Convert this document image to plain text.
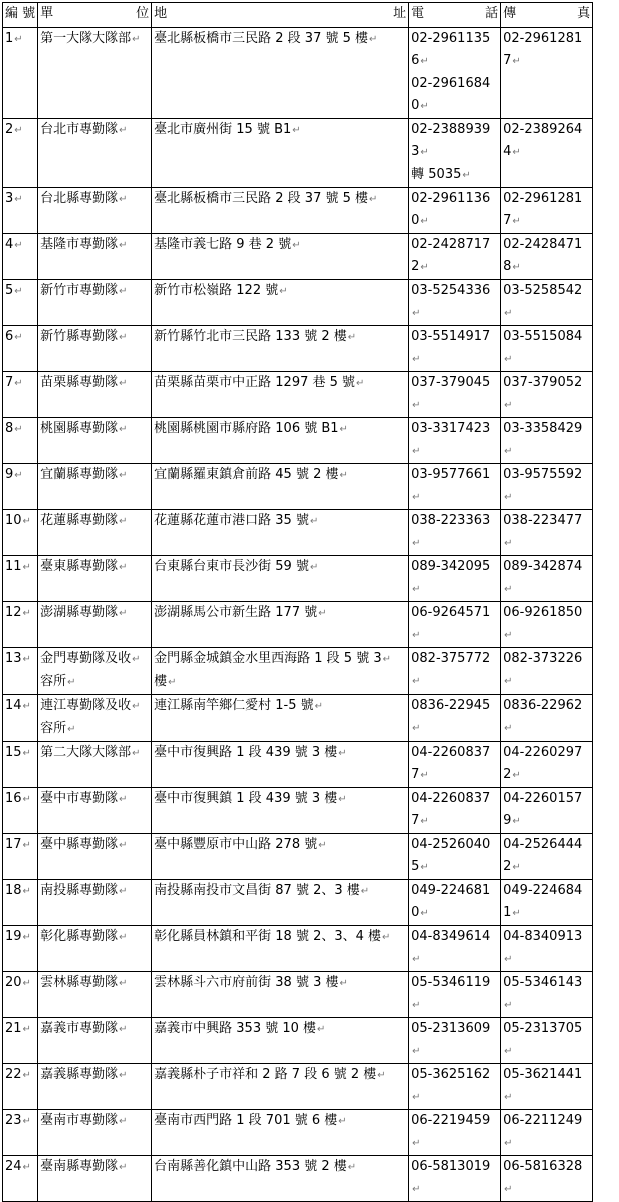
編 號	單 位	地 址	電 話	傳 真

1↵	第一大隊大隊部↵	臺北縣板橋市三民路 2 段 37 號 5 樓↵	02-29611356↵
02-29616840↵	02-29612817↵

2↵	台北市專勤隊↵	臺北市廣州街 15 號 B1↵	02-23889393↵
轉 5035↵	02-23892644↵

3↵	台北縣專勤隊↵	臺北縣板橋市三民路 2 段 37 號 5 樓↵	02-29611360↵	02-29612817↵

4↵	基隆市專勤隊↵	基隆市義七路 9 巷 2 號↵	02-24287172↵	02-24284718↵

5↵	新竹市專勤隊↵	新竹市松嶺路 122 號↵	03-5254336↵	03-5258542↵

6↵	新竹縣專勤隊↵	新竹縣竹北市三民路 133 號 2 樓↵	03-5514917↵	03-5515084↵

7↵	苗栗縣專勤隊↵	苗栗縣苗栗市中正路 1297 巷 5 號↵	037-379045↵	037-379052↵

8↵	桃園縣專勤隊↵	桃園縣桃園市縣府路 106 號 B1↵	03-3317423↵	03-3358429↵

9↵	宜蘭縣專勤隊↵	宜蘭縣羅東鎮倉前路 45 號 2 樓↵	03-9577661↵	03-9575592↵

10↵	花蓮縣專勤隊↵	花蓮縣花蓮市港口路 35 號↵	038-223363↵	038-223477↵

11↵	臺東縣專勤隊↵	台東縣台東市長沙街 59 號↵	089-342095↵	089-342874↵

12↵	澎湖縣專勤隊↵	澎湖縣馬公市新生路 177 號↵	06-9264571↵	06-9261850↵

13↵	金門專勤隊及收↵
容所↵	金門縣金城鎮金水里西海路 1 段 5 號 3↵
樓↵	082-375772↵	082-373226↵

14↵	連江專勤隊及收↵
容所↵	連江縣南竿鄉仁愛村 1-5 號↵	0836-22945↵	0836-22962↵

15↵	第二大隊大隊部↵	臺中市復興路 1 段 439 號 3 樓↵	04-22608377↵	04-22602972↵

16↵	臺中市專勤隊↵	臺中市復興鎮 1 段 439 號 3 樓↵	04-22608377↵	04-22601579↵

17↵	臺中縣專勤隊↵	臺中縣豐原市中山路 278 號↵	04-25260405↵	04-25264442↵

18↵	南投縣專勤隊↵	南投縣南投市文昌街 87 號 2、3 樓↵	049-2246810↵	049-2246841↵

19↵	彰化縣專勤隊↵	彰化縣員林鎮和平街 18 號 2、3、4 樓↵	04-8349614↵	04-8340913↵

20↵	雲林縣專勤隊↵	雲林縣斗六市府前街 38 號 3 樓↵	05-5346119↵	05-5346143↵

21↵	嘉義市專勤隊↵	嘉義市中興路 353 號 10 樓↵	05-2313609↵	05-2313705↵

22↵	嘉義縣專勤隊↵	嘉義縣朴子市祥和 2 路 7 段 6 號 2 樓↵	05-3625162↵	05-3621441↵

23↵	臺南市專勤隊↵	臺南市西門路 1 段 701 號 6 樓↵	06-2219459↵	06-2211249↵

24↵	臺南縣專勤隊↵	台南縣善化鎮中山路 353 號 2 樓↵	06-5813019↵	06-5816328↵
